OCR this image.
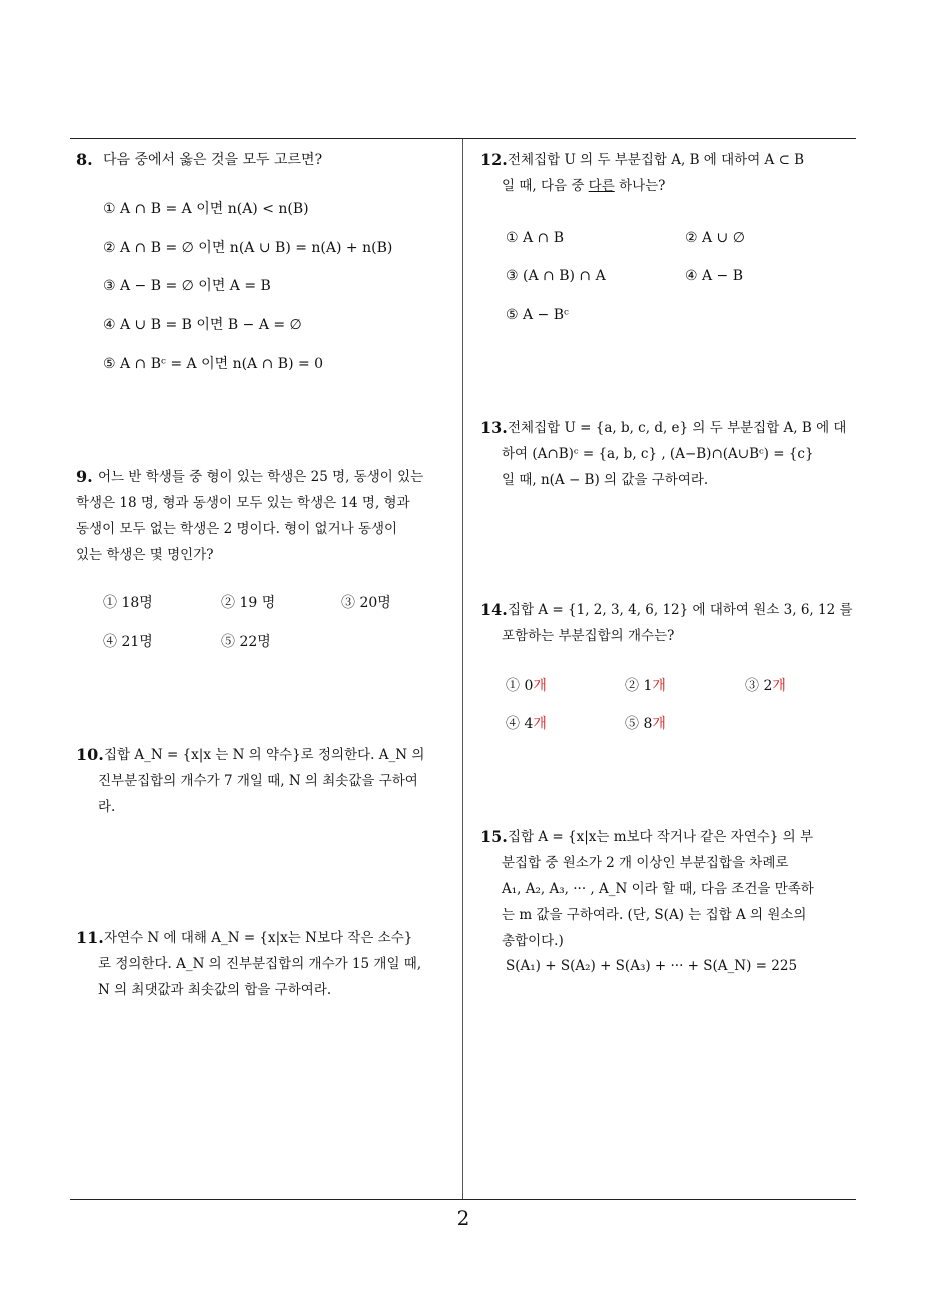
2
8. 다음 중에서 옳은 것을 모두 고르면?
① A ∩ B = A 이면 n(A) < n(B)
② A ∩ B = ∅ 이면 n(A ∪ B) = n(A) + n(B)
③ A − B = ∅ 이면 A = B
④ A ∪ B = B 이면 B − A = ∅
⑤ A ∩ Bᶜ = A 이면 n(A ∩ B) = 0
9. 어느 반 학생들 중 형이 있는 학생은 25 명, 동생이 있는
학생은 18 명, 형과 동생이 모두 있는 학생은 14 명, 형과
동생이 모두 없는 학생은 2 명이다. 형이 없거나 동생이
있는 학생은 몇 명인가?
① 18명	② 19 명	③ 20명
④ 21명	⑤ 22명
10. 집합 A_N = {x|x 는 N 의 약수}로 정의한다. A_N 의
진부분집합의 개수가 7 개일 때, N 의 최솟값을 구하여
라.
11. 자연수 N 에 대해 A_N = {x|x는 N보다 작은 소수}
로 정의한다. A_N 의 진부분집합의 개수가 15 개일 때,
N 의 최댓값과 최솟값의 합을 구하여라.
12. 전체집합 U 의 두 부분집합 A, B 에 대하여 A ⊂ B
일 때, 다음 중 다른 하나는?
① A ∩ B	② A ∪ ∅
③ (A ∩ B) ∩ A	④ A − B
⑤ A − Bᶜ
13. 전체집합 U = {a, b, c, d, e} 의 두 부분집합 A, B 에 대
하여 (A∩B)ᶜ = {a, b, c} , (A−B)∩(A∪Bᶜ) = {c}
일 때, n(A − B) 의 값을 구하여라.
14. 집합 A = {1, 2, 3, 4, 6, 12} 에 대하여 원소 3, 6, 12 를
포함하는 부분집합의 개수는?
① 0개	② 1개	③ 2개
④ 4개	⑤ 8개
15. 집합 A = {x|x는 m보다 작거나 같은 자연수} 의 부
분집합 중 원소가 2 개 이상인 부분집합을 차례로
A₁, A₂, A₃, ··· , A_N 이라 할 때, 다음 조건을 만족하
는 m 값을 구하여라. (단, S(A) 는 집합 A 의 원소의
총합이다.)
S(A₁) + S(A₂) + S(A₃) + ··· + S(A_N) = 225
